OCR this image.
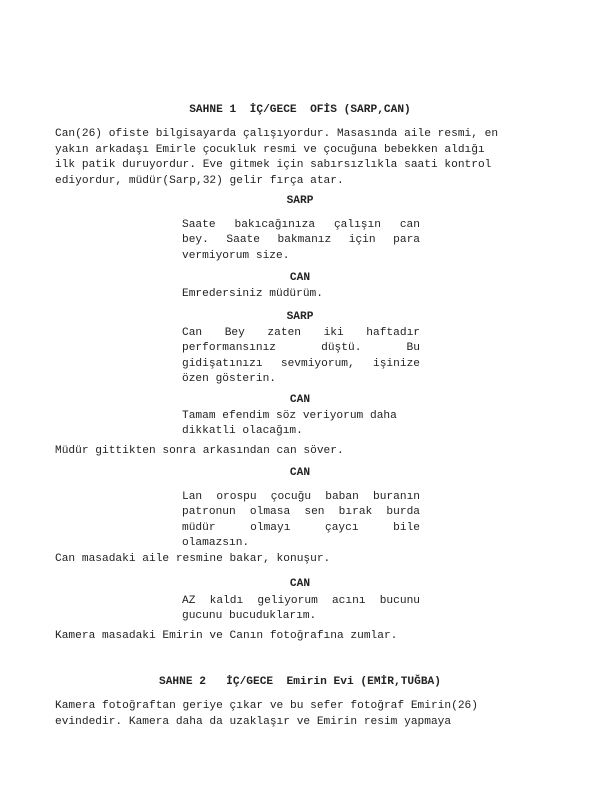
SAHNE 1  İÇ/GECE  OFİS (SARP,CAN)
Can(26) ofiste bilgisayarda çalışıyordur. Masasında aile resmi, en
yakın arkadaşı Emirle çocukluk resmi ve çocuğuna bebekken aldığı
ilk patik duruyordur. Eve gitmek için sabırsızlıkla saati kontrol
ediyordur, müdür(Sarp,32) gelir fırça atar.
SARP
Saate bakıcağınıza çalışın can
bey. Saate bakmanız için para
vermiyorum size.
CAN
Emredersiniz müdürüm.
SARP
Can Bey zaten iki haftadır
performansınız düştü. Bu
gidişatınızı sevmiyorum, işinize
özen gösterin.
CAN
Tamam efendim söz veriyorum daha
dikkatli olacağım.
Müdür gittikten sonra arkasından can söver.
CAN
Lan orospu çocuğu baban buranın
patronun olmasa sen bırak burda
müdür olmayı çaycı bile
olamazsın.
Can masadaki aile resmine bakar, konuşur.
CAN
AZ kaldı geliyorum acını bucunu
gucunu bucuduklarım.
Kamera masadaki Emirin ve Canın fotoğrafına zumlar.
SAHNE 2   İÇ/GECE  Emirin Evi (EMİR,TUĞBA)
Kamera fotoğraftan geriye çıkar ve bu sefer fotoğraf Emirin(26)
evindedir. Kamera daha da uzaklaşır ve Emirin resim yapmaya
